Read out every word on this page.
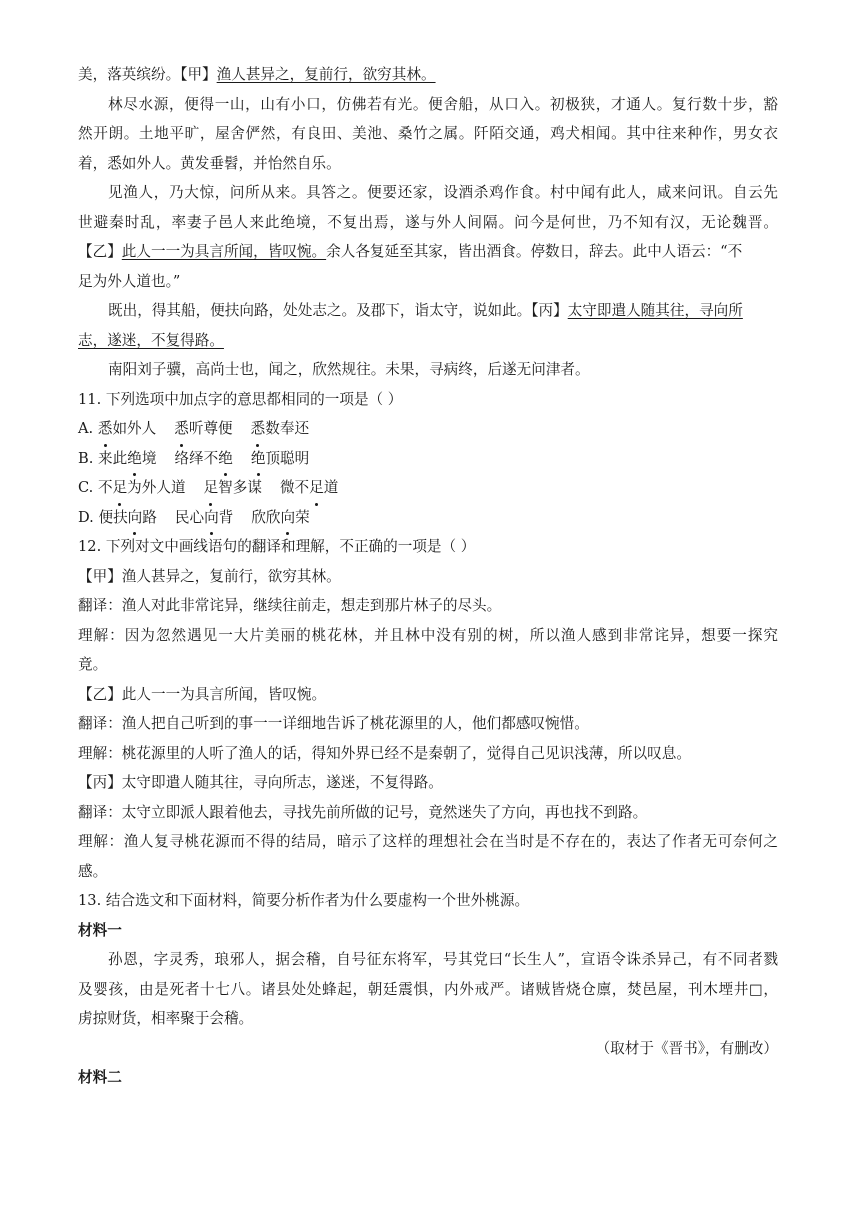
美，落英缤纷。【甲】渔人甚异之，复前行，欲穷其林。
林尽水源，便得一山，山有小口，仿佛若有光。便舍船，从口入。初极狭，才通人。复行数十步，豁
然开朗。土地平旷，屋舍俨然，有良田、美池、桑竹之属。阡陌交通，鸡犬相闻。其中往来种作，男女衣
着，悉如外人。黄发垂髫，并怡然自乐。
见渔人，乃大惊，问所从来。具答之。便要还家，设酒杀鸡作食。村中闻有此人，咸来问讯。自云先
世避秦时乱，率妻子邑人来此绝境，不复出焉，遂与外人间隔。问今是何世，乃不知有汉，无论魏晋。
【乙】此人一一为具言所闻，皆叹惋。余人各复延至其家，皆出酒食。停数日，辞去。此中人语云：“不
足为外人道也。”
既出，得其船，便扶向路，处处志之。及郡下，诣太守，说如此。【丙】太守即遣人随其往，寻向所
志，遂迷，不复得路。
南阳刘子骥，高尚士也，闻之，欣然规往。未果，寻病终，后遂无问津者。
11. 下列选项中加点字的意思都相同的一项是（ ）
A. 悉如外人 悉听尊便 悉数奉还
B. 来此绝境 络绎不绝 绝顶聪明
C. 不足为外人道 足智多谋 微不足道
D. 便扶向路 民心向背 欣欣向荣
12. 下列对文中画线语句的翻译和理解，不正确的一项是（ ）
【甲】渔人甚异之，复前行，欲穷其林。
翻译：渔人对此非常诧异，继续往前走，想走到那片林子的尽头。
理解：因为忽然遇见一大片美丽的桃花林，并且林中没有别的树，所以渔人感到非常诧异，想要一探究
竟。
【乙】此人一一为具言所闻，皆叹惋。
翻译：渔人把自己听到的事一一详细地告诉了桃花源里的人，他们都感叹惋惜。
理解：桃花源里的人听了渔人的话，得知外界已经不是秦朝了，觉得自己见识浅薄，所以叹息。
【丙】太守即遣人随其往，寻向所志，遂迷，不复得路。
翻译：太守立即派人跟着他去，寻找先前所做的记号，竟然迷失了方向，再也找不到路。
理解：渔人复寻桃花源而不得的结局，暗示了这样的理想社会在当时是不存在的，表达了作者无可奈何之
感。
13. 结合选文和下面材料，简要分析作者为什么要虚构一个世外桃源。
材料一
孙恩，字灵秀，琅邪人，据会稽，自号征东将军，号其党曰“长生人”，宣语令诛杀异己，有不同者戮
及婴孩，由是死者十七八。诸县处处蜂起，朝廷震惧，内外戒严。诸贼皆烧仓廪，焚邑屋，刊木堙井□，
虏掠财货，相率聚于会稽。
（取材于《晋书》，有删改）
材料二
